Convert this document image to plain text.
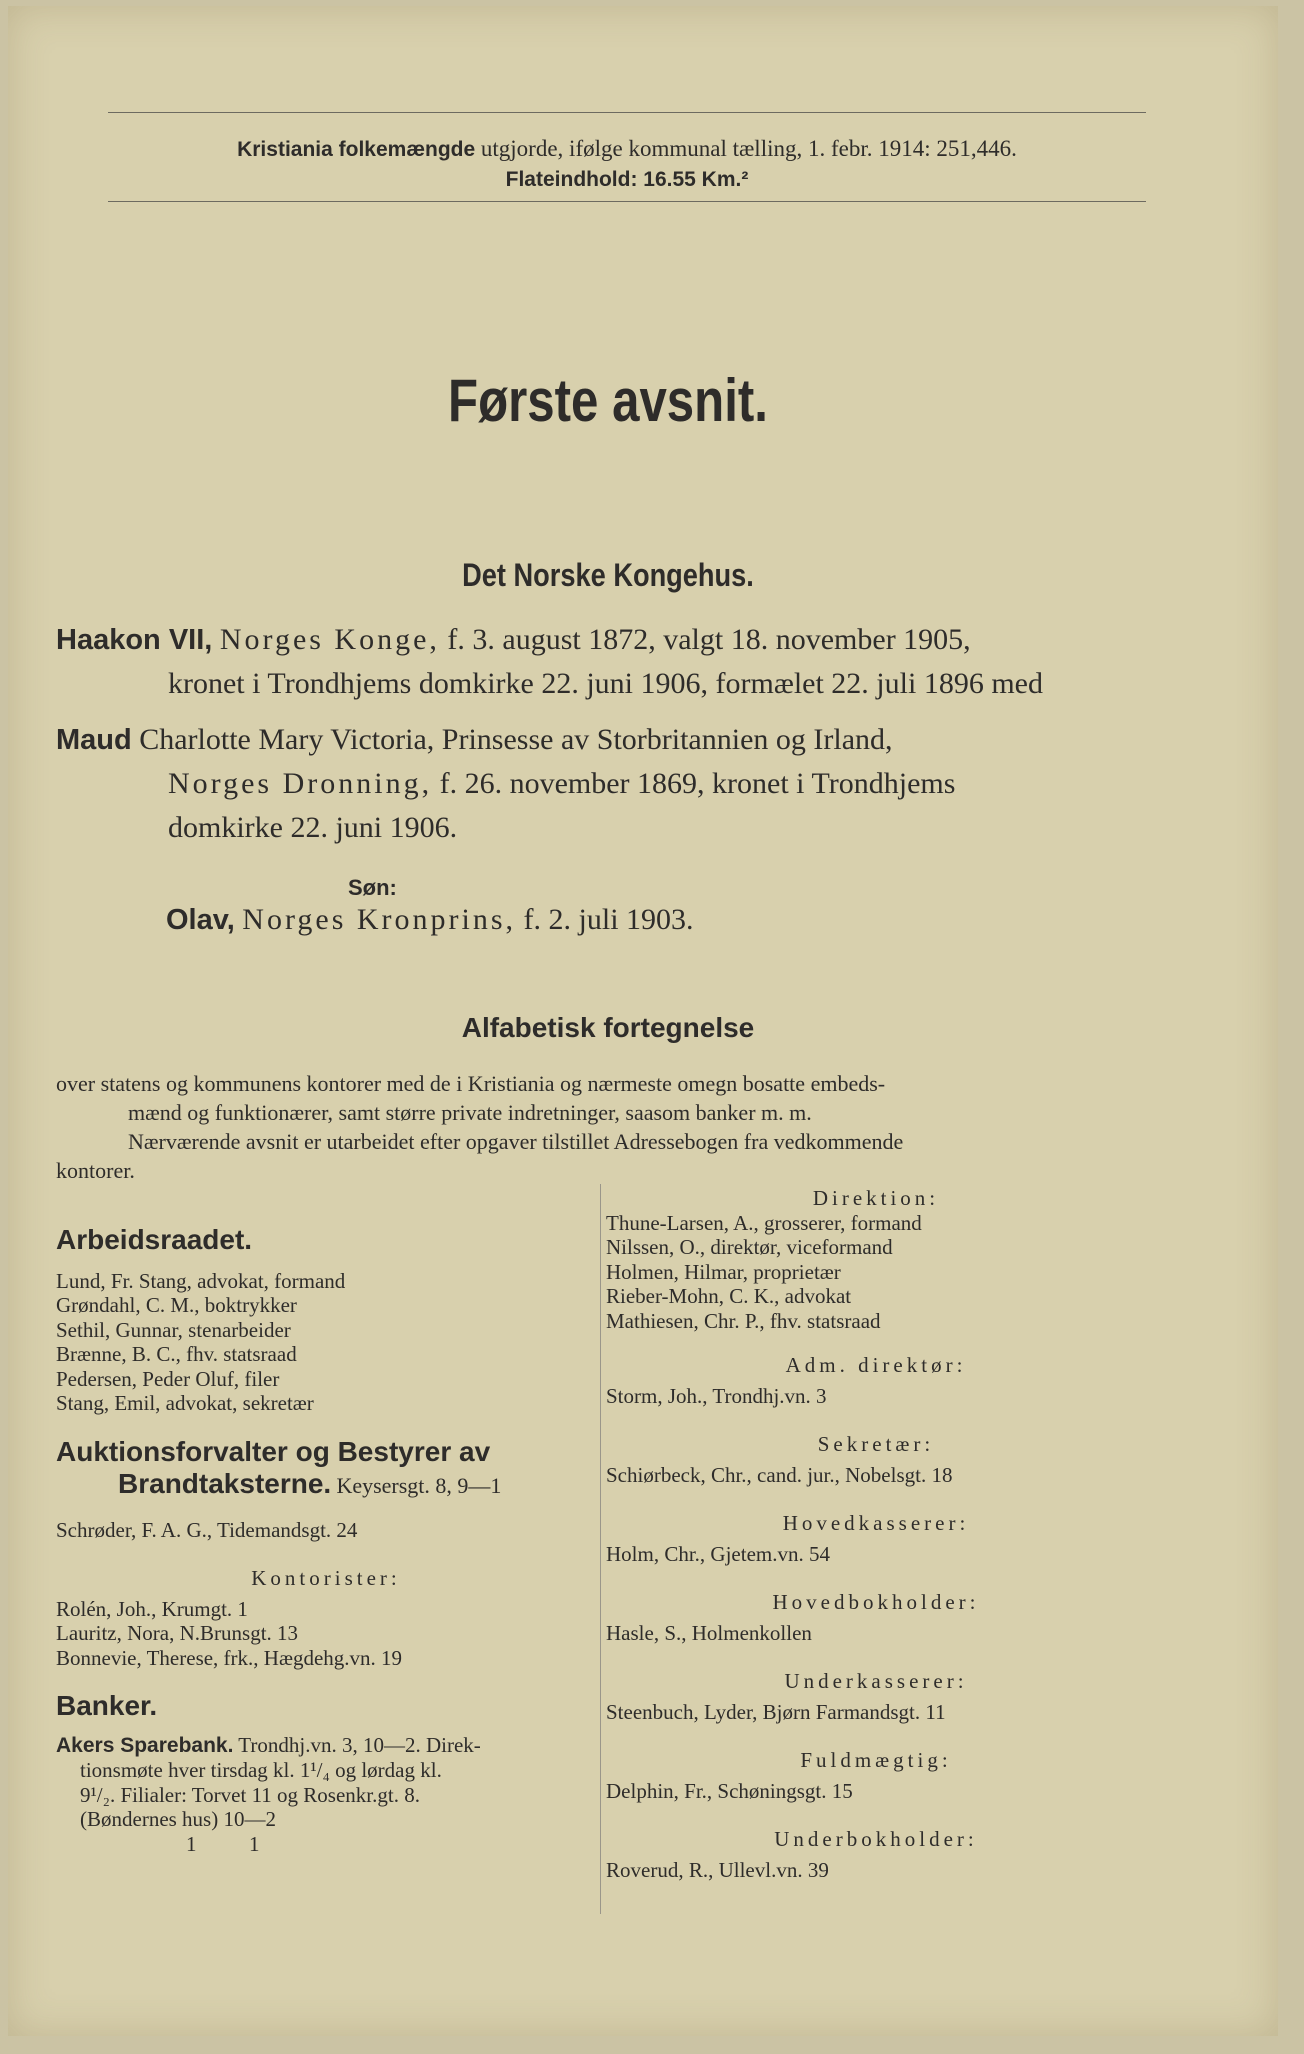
Kristiania folkemængde utgjorde, ifølge kommunal tælling, 1. febr. 1914: 251,446.
Flateindhold: 16.55 Km.²
Første avsnit.
Det Norske Kongehus.
Haakon VII, Norges Konge, f. 3. august 1872, valgt 18. november 1905,
kronet i Trondhjems domkirke 22. juni 1906, formælet 22. juli 1896 med
Maud Charlotte Mary Victoria, Prinsesse av Storbritannien og Irland,
Norges Dronning, f. 26. november 1869, kronet i Trondhjems
domkirke 22. juni 1906.
Søn:
Olav, Norges Kronprins, f. 2. juli 1903.
Alfabetisk fortegnelse
over statens og kommunens kontorer med de i Kristiania og nærmeste omegn bosatte embeds-
mænd og funktionærer, samt større private indretninger, saasom banker m. m.
Nærværende avsnit er utarbeidet efter opgaver tilstillet Adressebogen fra vedkommende
kontorer.
Arbeidsraadet.
Lund, Fr. Stang, advokat, formand
Grøndahl, C. M., boktrykker
Sethil, Gunnar, stenarbeider
Brænne, B. C., fhv. statsraad
Pedersen, Peder Oluf, filer
Stang, Emil, advokat, sekretær
Auktionsforvalter og Bestyrer av
Brandtaksterne. Keysersgt. 8, 9—1
Schrøder, F. A. G., Tidemandsgt. 24
Kontorister:
Rolén, Joh., Krumgt. 1
Lauritz, Nora, N.Brunsgt. 13
Bonnevie, Therese, frk., Hægdehg.vn. 19
Banker.
Akers Sparebank. Trondhj.vn. 3, 10—2. Direk-
tionsmøte hver tirsdag kl. 1¹/₄ og lørdag kl.
9¹/₂. Filialer: Torvet 11 og Rosenkr.gt. 8.
(Bøndernes hus) 10—2
1          1
Direktion:
Thune-Larsen, A., grosserer, formand
Nilssen, O., direktør, viceformand
Holmen, Hilmar, proprietær
Rieber-Mohn, C. K., advokat
Mathiesen, Chr. P., fhv. statsraad
Adm. direktør:
Storm, Joh., Trondhj.vn. 3
Sekretær:
Schiørbeck, Chr., cand. jur., Nobelsgt. 18
Hovedkasserer:
Holm, Chr., Gjetem.vn. 54
Hovedbokholder:
Hasle, S., Holmenkollen
Underkasserer:
Steenbuch, Lyder, Bjørn Farmandsgt. 11
Fuldmægtig:
Delphin, Fr., Schøningsgt. 15
Underbokholder:
Roverud, R., Ullevl.vn. 39
